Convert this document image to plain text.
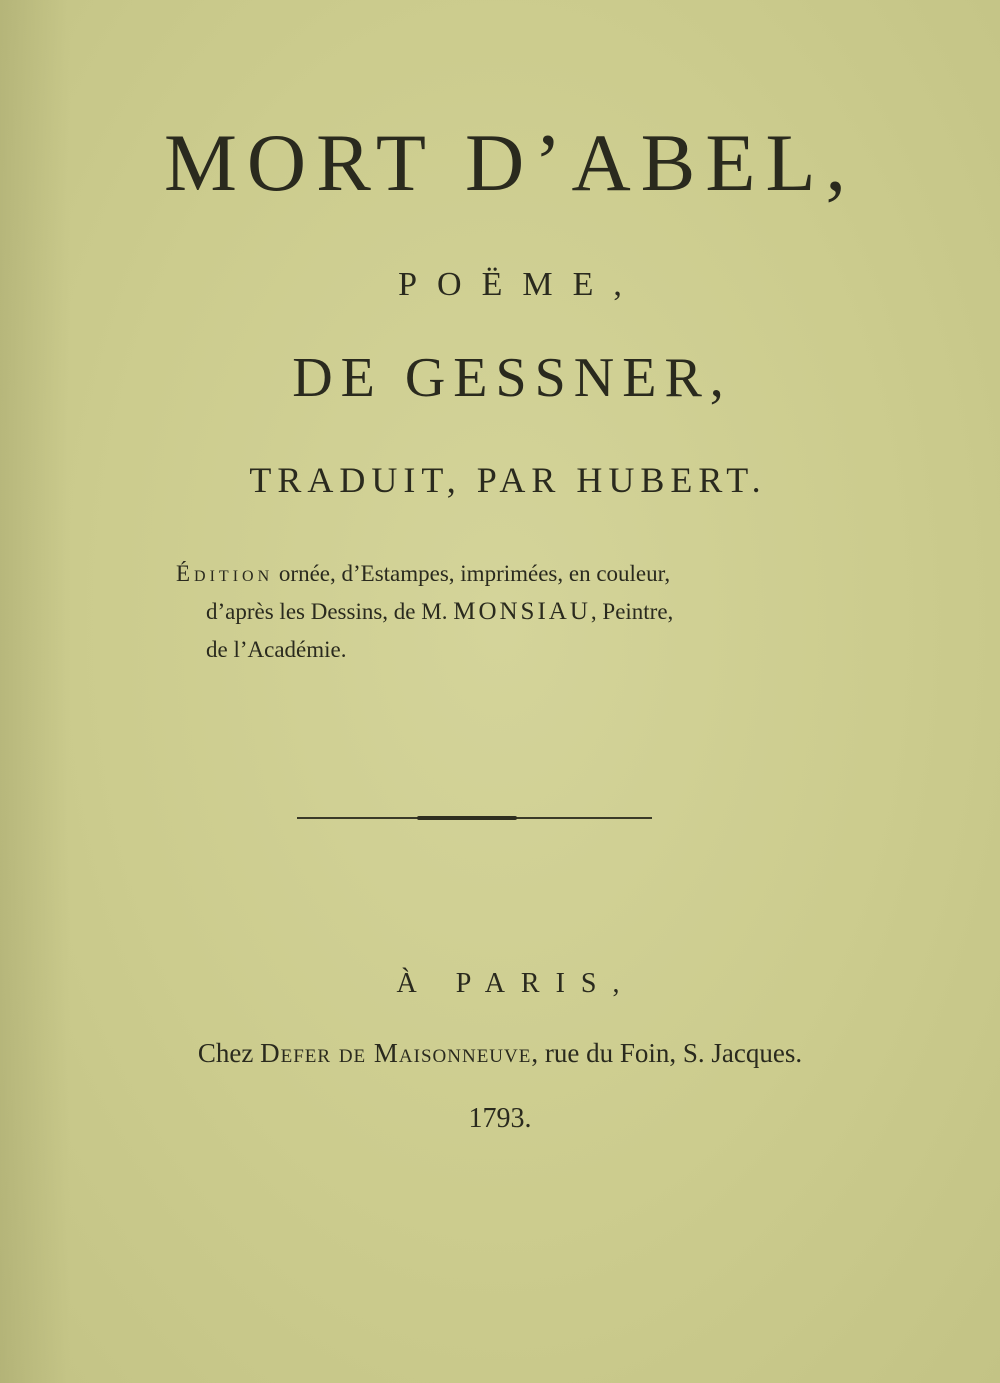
MORT D’ABEL,
POËME,
DE GESSNER,
TRADUIT, PAR HUBERT.
Édition ornée, d’Estampes, imprimées, en couleur,
d’après les Dessins, de M. MONSIAU, Peintre,
de l’Académie.
À PARIS,
Chez Defer de Maisonneuve, rue du Foin, S. Jacques.
1793.
